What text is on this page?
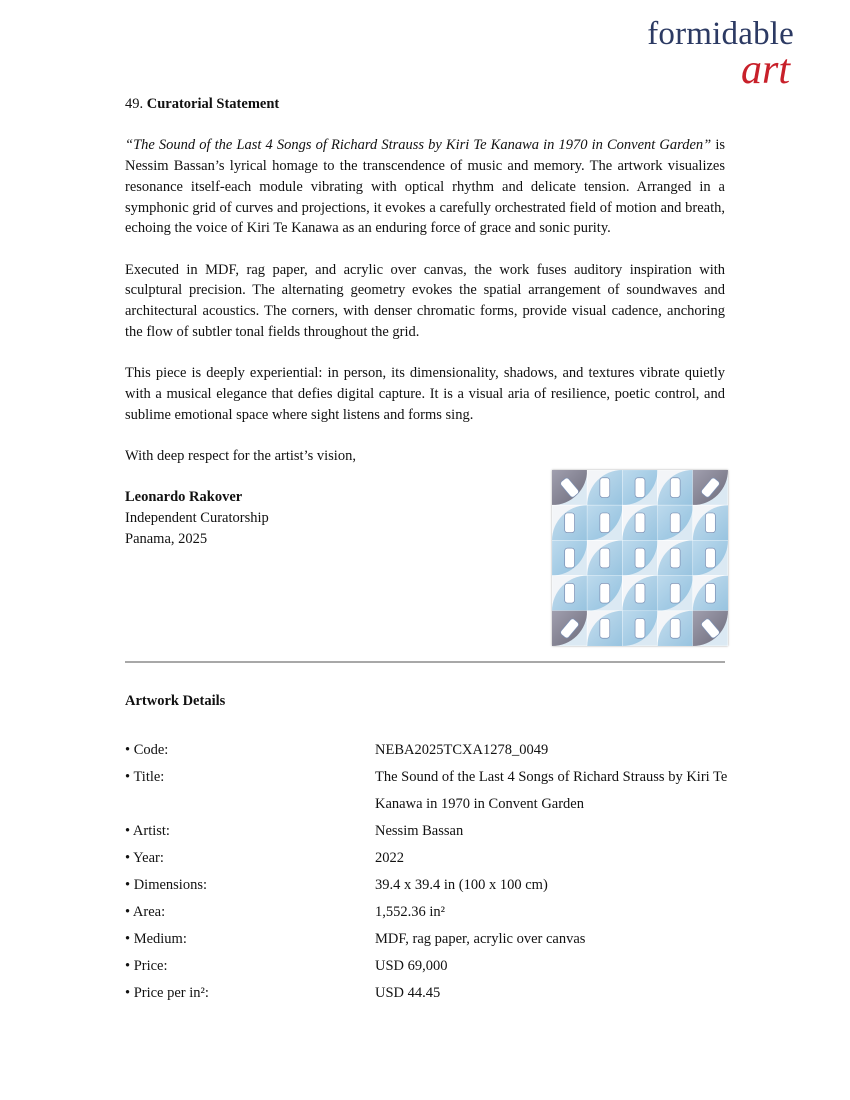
formidable
art
49. Curatorial Statement

“The Sound of the Last 4 Songs of Richard Strauss by Kiri Te Kanawa in 1970 in Convent Garden” is Nessim Bassan’s lyrical homage to the transcendence of music and memory. The artwork visualizes resonance itself-each module vibrating with optical rhythm and delicate tension. Arranged in a symphonic grid of curves and projections, it evokes a carefully orchestrated field of motion and breath, echoing the voice of Kiri Te Kanawa as an enduring force of grace and sonic purity.

Executed in MDF, rag paper, and acrylic over canvas, the work fuses auditory inspiration with sculptural precision. The alternating geometry evokes the spatial arrangement of soundwaves and architectural acoustics. The corners, with denser chromatic forms, provide visual cadence, anchoring the flow of subtler tonal fields throughout the grid.

This piece is deeply experiential: in person, its dimensionality, shadows, and textures vibrate quietly with a musical elegance that defies digital capture. It is a visual aria of resilience, poetic control, and sublime emotional space where sight listens and forms sing.

With deep respect for the artist’s vision,
Leonardo Rakover
Independent Curatorship
Panama, 2025
Artwork Details
• Code:	NEBA2025TCXA1278_0049
• Title:	The Sound of the Last 4 Songs of Richard Strauss by Kiri Te Kanawa in 1970 in Convent Garden
• Artist:	Nessim Bassan
• Year:	2022
• Dimensions:	39.4 x 39.4 in (100 x 100 cm)
• Area:	1,552.36 in²
• Medium:	MDF, rag paper, acrylic over canvas
• Price:	USD 69,000
• Price per in²:	USD 44.45
